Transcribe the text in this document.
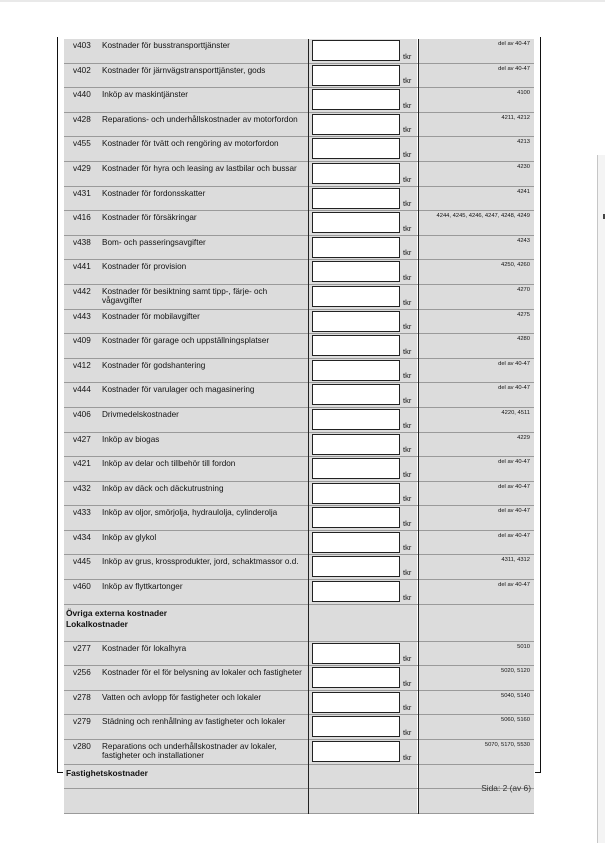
v403 Kostnader för busstransporttjänster
tkr
del av 40-47
v402 Kostnader för järnvägstransporttjänster, gods
tkr
del av 40-47
v440 Inköp av maskintjänster
tkr
4100
v428 Reparations- och underhållskostnader av motorfordon
tkr
4211, 4212
v455 Kostnader för tvätt och rengöring av motorfordon
tkr
4213
v429 Kostnader för hyra och leasing av lastbilar och bussar
tkr
4230
v431 Kostnader för fordonsskatter
tkr
4241
v416 Kostnader för försäkringar
tkr
4244, 4245, 4246, 4247, 4248, 4249
v438 Bom- och passeringsavgifter
tkr
4243
v441 Kostnader för provision
tkr
4250, 4260
v442 Kostnader för besiktning samt tipp-, färje- och vågavgifter	tkr
4270
v443 Kostnader för mobilavgifter
tkr
4275
v409 Kostnader för garage och uppställningsplatser
tkr
4280
v412 Kostnader för godshantering
tkr
del av 40-47
v444 Kostnader för varulager och magasinering
tkr
del av 40-47
v406 Drivmedelskostnader
tkr
4220, 4511
v427 Inköp av biogas
tkr
4229
v421 Inköp av delar och tillbehör till fordon
tkr
del av 40-47
v432 Inköp av däck och däckutrustning
tkr
del av 40-47
v433 Inköp av oljor, smörjolja, hydraulolja, cylinderolja
tkr
del av 40-47
v434 Inköp av glykol
tkr
del av 40-47
v445 Inköp av grus, krossprodukter, jord, schaktmassor o.d.
tkr
4311, 4312
v460 Inköp av flyttkartonger
tkr
del av 40-47
Övriga externa kostnader
Lokalkostnader
v277 Kostnader för lokalhyra
tkr
5010
v256 Kostnader för el för belysning av lokaler och fastigheter
tkr
5020, 5120
v278 Vatten och avlopp för fastigheter och lokaler
tkr
5040, 5140
v279 Städning och renhållning av fastigheter och lokaler
tkr
5060, 5160
v280 Reparations och underhållskostnader av lokaler, fastigheter och installationer	tkr
5070, 5170, 5530
Fastighetskostnader
Sida: 2 (av 6)
